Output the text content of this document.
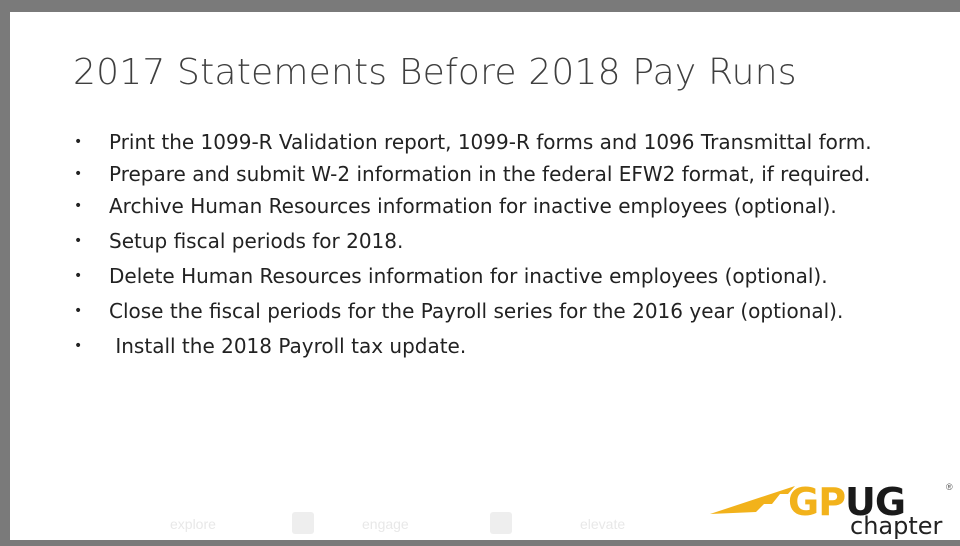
2017 Statements Before 2018 Pay Runs
• Print the 1099-R Validation report, 1099-R forms and 1096 Transmittal form.
• Prepare and submit W-2 information in the federal EFW2 format, if required.
• Archive Human Resources information for inactive employees (optional).
• Setup fiscal periods for 2018.
• Delete Human Resources information for inactive employees (optional).
• Close the fiscal periods for the Payroll series for the 2016 year (optional).
• Install the 2018 Payroll tax update.
explore	engage	elevate	GPUG	®
chapter
